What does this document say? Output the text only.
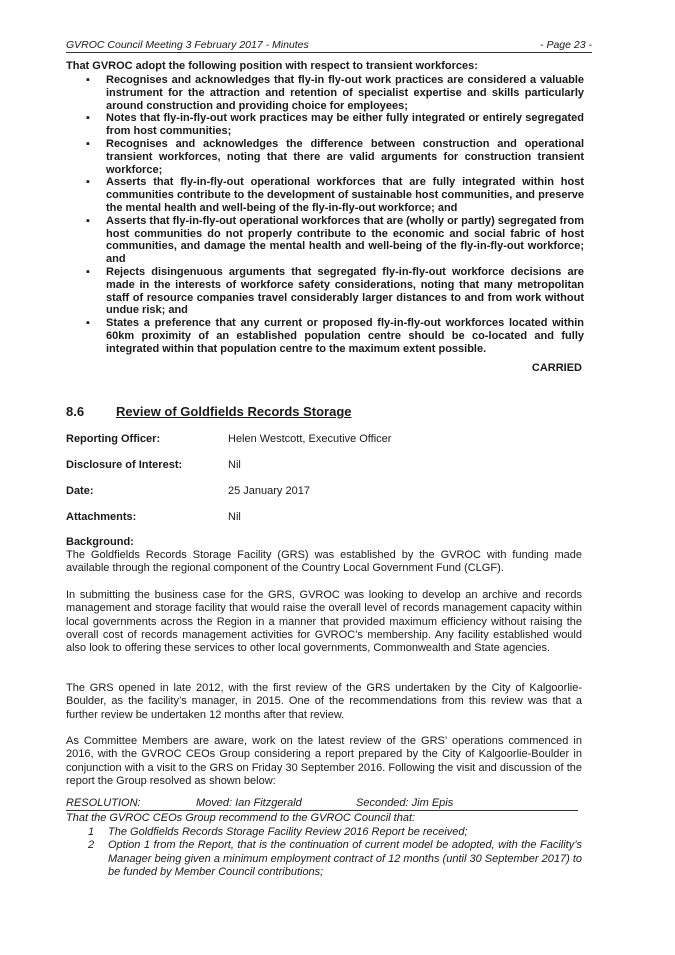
GVROC Council Meeting 3 February 2017 - Minutes	- Page 23 -
That GVROC adopt the following position with respect to transient workforces:
▪ Recognises and acknowledges that fly-in fly-out work practices are considered a valuable instrument for the attraction and retention of specialist expertise and skills particularly around construction and providing choice for employees;
▪ Notes that fly-in-fly-out work practices may be either fully integrated or entirely segregated from host communities;
▪ Recognises and acknowledges the difference between construction and operational transient workforces, noting that there are valid arguments for construction transient workforce;
▪ Asserts that fly-in-fly-out operational workforces that are fully integrated within host communities contribute to the development of sustainable host communities, and preserve the mental health and well-being of the fly-in-fly-out workforce; and
▪ Asserts that fly-in-fly-out operational workforces that are (wholly or partly) segregated from host communities do not properly contribute to the economic and social fabric of host communities, and damage the mental health and well-being of the fly-in-fly-out workforce; and
▪ Rejects disingenuous arguments that segregated fly-in-fly-out workforce decisions are made in the interests of workforce safety considerations, noting that many metropolitan staff of resource companies travel considerably larger distances to and from work without undue risk; and
▪ States a preference that any current or proposed fly-in-fly-out workforces located within 60km proximity of an established population centre should be co-located and fully integrated within that population centre to the maximum extent possible.
CARRIED
8.6 Review of Goldfields Records Storage
Reporting Officer:	Helen Westcott, Executive Officer
Disclosure of Interest:	Nil
Date:	25 January 2017
Attachments:	Nil
Background:
The Goldfields Records Storage Facility (GRS) was established by the GVROC with funding made available through the regional component of the Country Local Government Fund (CLGF).
In submitting the business case for the GRS, GVROC was looking to develop an archive and records management and storage facility that would raise the overall level of records management capacity within local governments across the Region in a manner that provided maximum efficiency without raising the overall cost of records management activities for GVROC’s membership. Any facility established would also look to offering these services to other local governments, Commonwealth and State agencies.
The GRS opened in late 2012, with the first review of the GRS undertaken by the City of Kalgoorlie-Boulder, as the facility’s manager, in 2015. One of the recommendations from this review was that a further review be undertaken 12 months after that review.
As Committee Members are aware, work on the latest review of the GRS’ operations commenced in 2016, with the GVROC CEOs Group considering a report prepared by the City of Kalgoorlie-Boulder in conjunction with a visit to the GRS on Friday 30 September 2016. Following the visit and discussion of the report the Group resolved as shown below:
RESOLUTION:	Moved: Ian Fitzgerald	Seconded: Jim Epis
That the GVROC CEOs Group recommend to the GVROC Council that:
1 The Goldfields Records Storage Facility Review 2016 Report be received;
2 Option 1 from the Report, that is the continuation of current model be adopted, with the Facility’s Manager being given a minimum employment contract of 12 months (until 30 September 2017) to be funded by Member Council contributions;
